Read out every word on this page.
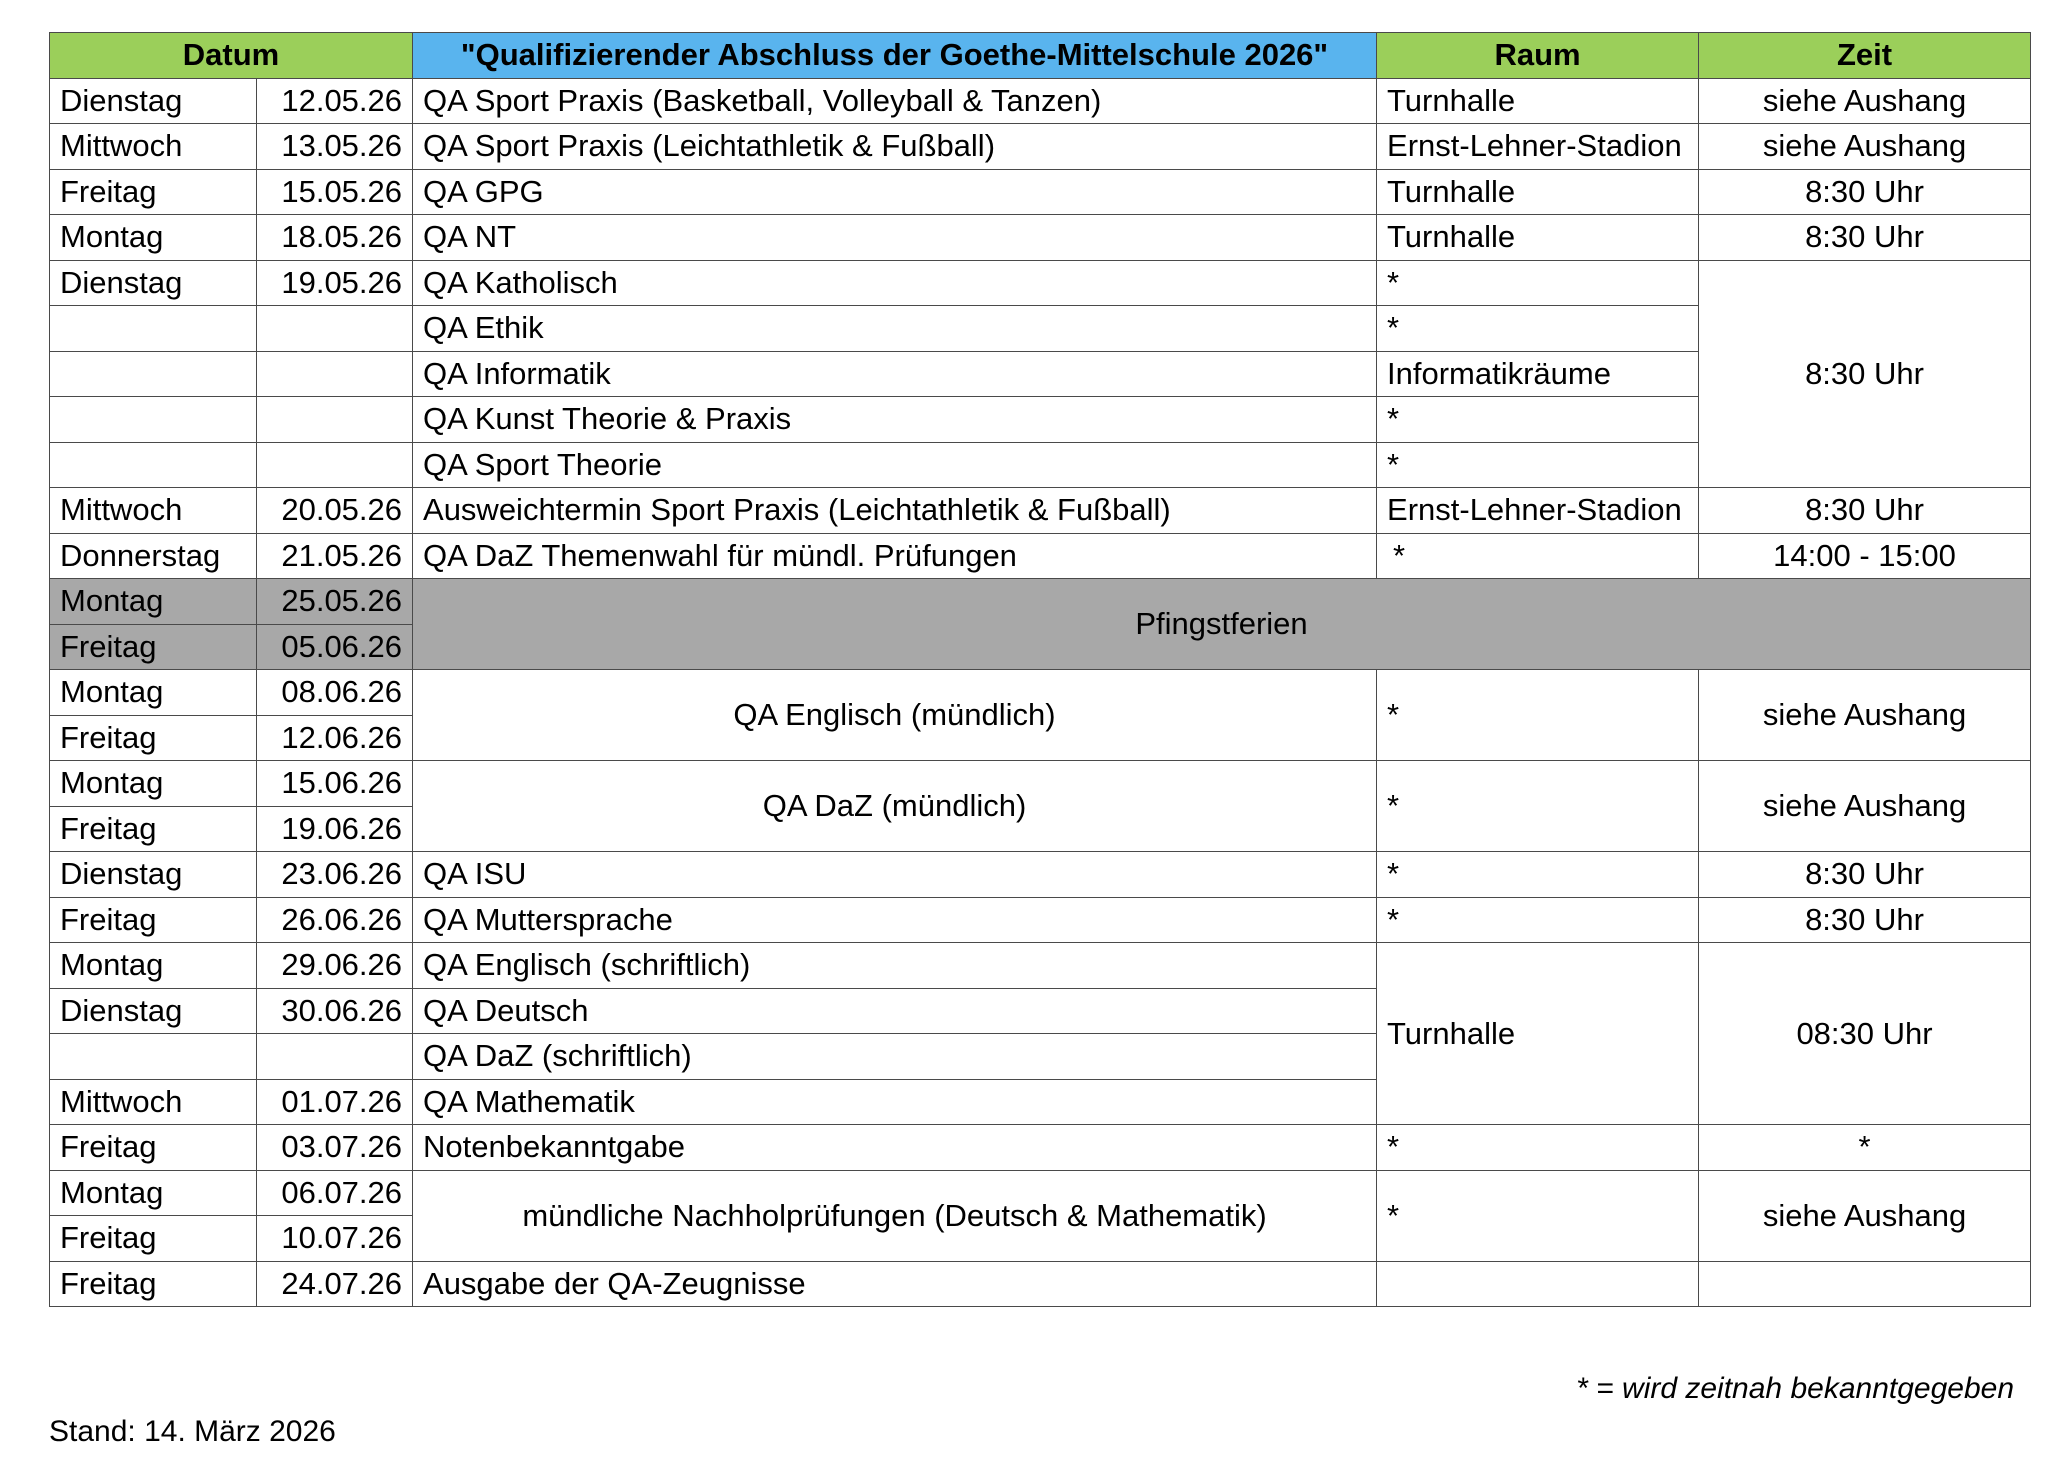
Datum		"Qualifizierender Abschluss der Goethe-Mittelschule 2026"	Raum	Zeit
Dienstag	12.05.26	QA Sport Praxis (Basketball, Volleyball & Tanzen)	Turnhalle	siehe Aushang
Mittwoch	13.05.26	QA Sport Praxis (Leichtathletik & Fußball)	Ernst-Lehner-Stadion	siehe Aushang
Freitag	15.05.26	QA GPG	Turnhalle	8:30 Uhr
Montag	18.05.26	QA NT	Turnhalle	8:30 Uhr
Dienstag	19.05.26	QA Katholisch	*	8:30 Uhr
		QA Ethik	*	
		QA Informatik	Informatikräume	
		QA Kunst Theorie & Praxis	*	
		QA Sport Theorie	*	
Mittwoch	20.05.26	Ausweichtermin Sport Praxis (Leichtathletik & Fußball)	Ernst-Lehner-Stadion	8:30 Uhr
Donnerstag	21.05.26	QA DaZ Themenwahl für mündl. Prüfungen	*	14:00 - 15:00
Montag	25.05.26	Pfingstferien		
Freitag	05.06.26			
Montag	08.06.26	QA Englisch (mündlich)	*	siehe Aushang
Freitag	12.06.26			
Montag	15.06.26	QA DaZ (mündlich)	*	siehe Aushang
Freitag	19.06.26			
Dienstag	23.06.26	QA ISU	*	8:30 Uhr
Freitag	26.06.26	QA Muttersprache	*	8:30 Uhr
Montag	29.06.26	QA Englisch (schriftlich)	Turnhalle	08:30 Uhr
Dienstag	30.06.26	QA Deutsch		
		QA DaZ (schriftlich)		
Mittwoch	01.07.26	QA Mathematik		
Freitag	03.07.26	Notenbekanntgabe	*	*
Montag	06.07.26	mündliche Nachholprüfungen (Deutsch & Mathematik)	*	siehe Aushang
Freitag	10.07.26			
Freitag	24.07.26	Ausgabe der QA-Zeugnisse		
* = wird zeitnah bekanntgegeben
Stand: 14. März 2026
